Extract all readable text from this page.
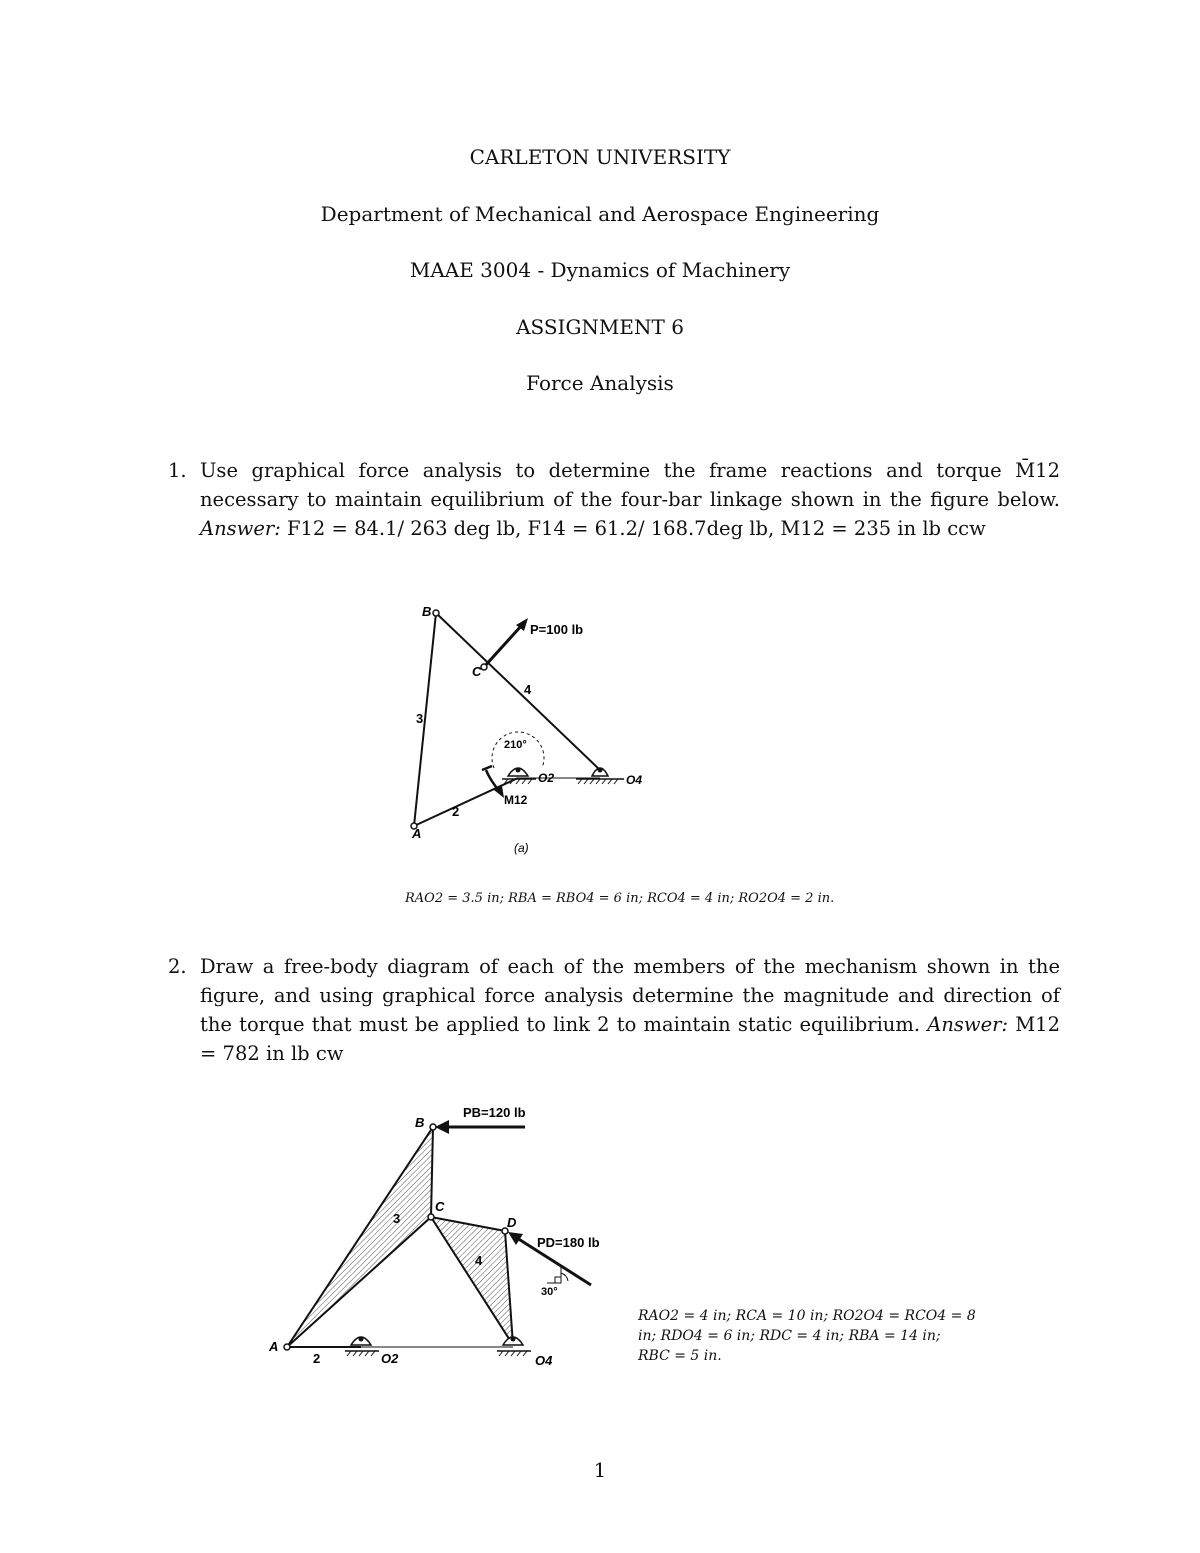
CARLETON UNIVERSITY
Department of Mechanical and Aerospace Engineering
MAAE 3004 - Dynamics of Machinery
ASSIGNMENT 6
Force Analysis
1. Use graphical force analysis to determine the frame reactions and torque M̄12 necessary to maintain equilibrium of the four-bar linkage shown in the figure below. Answer: F12 = 84.1/ 263 deg lb, F14 = 61.2/ 168.7deg lb, M12 = 235 in lb ccw
B
C
A
O2	O4
3
4
2
P=100 lb
210°
M12
(a)
RAO2 = 3.5 in; RBA = RBO4 = 6 in; RCO4 = 4 in; RO2O4 = 2 in.
2. Draw a free-body diagram of each of the members of the mechanism shown in the figure, and using graphical force analysis determine the magnitude and direction of the torque that must be applied to link 2 to maintain static equilibrium. Answer: M12 = 782 in lb cw
B
C
D
A
O2	O4
3
4
2
PB=120 lb
PD=180 lb
30°
RAO2 = 4 in; RCA = 10 in; RO2O4 = RCO4 = 8
in; RDO4 = 6 in; RDC = 4 in; RBA = 14 in;
RBC = 5 in.
1
